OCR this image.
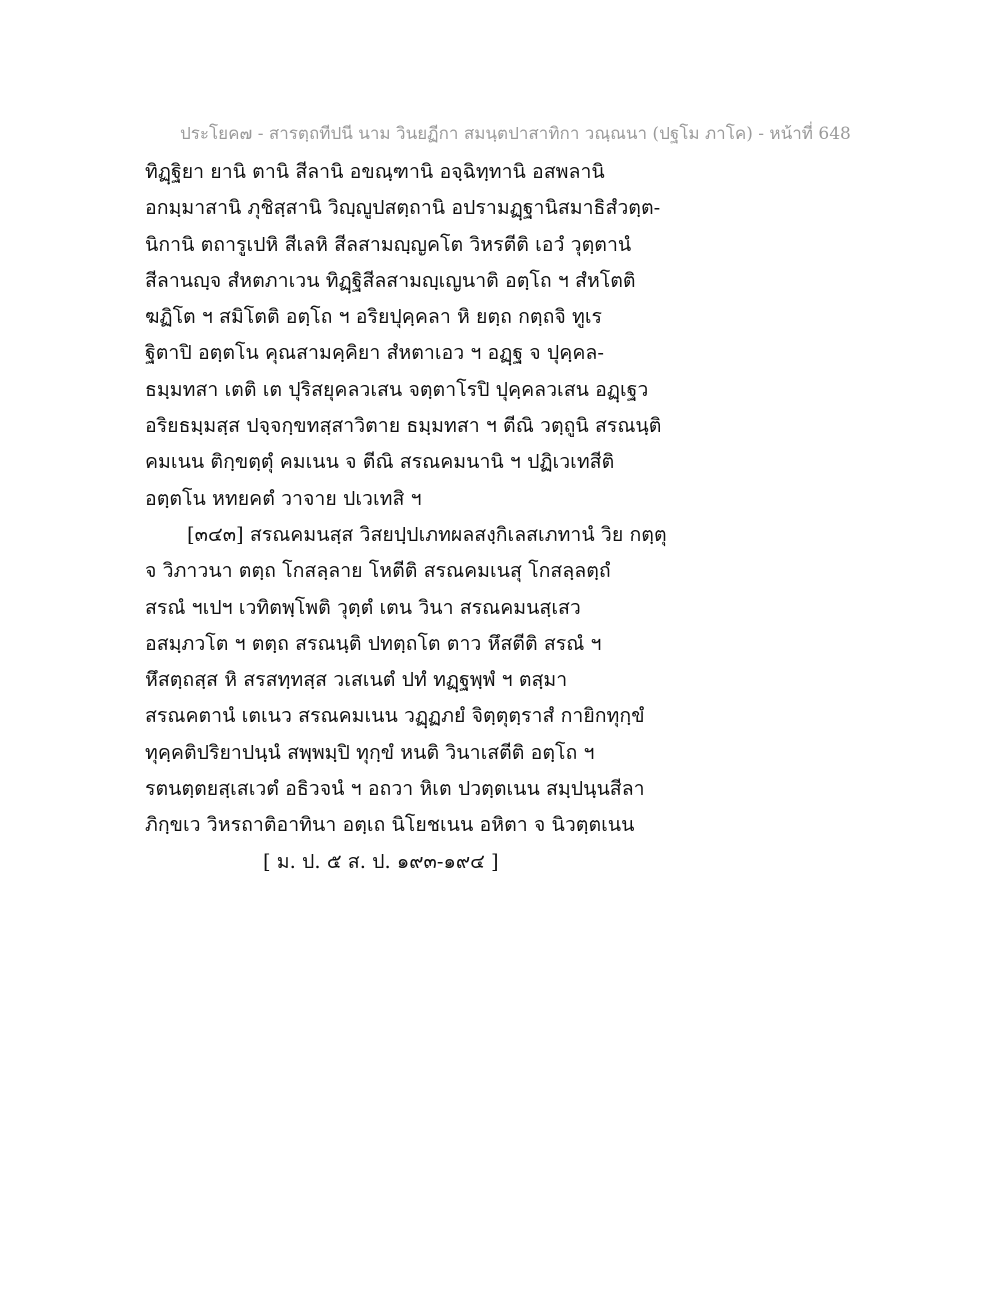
ประโยค๗ - สารตฺถทีปนี นาม วินยฏีกา สมนฺตปาสาทิกา วณฺณนา (ปฐโม ภาโค) - หน้าที่ 648
ทิฏฺฐิยา ยานิ ตานิ สีลานิ อขณฺฑานิ อจฺฉิทฺทานิ อสพลานิ
อกมฺมาสานิ ภุชิสฺสานิ วิญฺญูปสตฺถานิ อปรามฏฺฐานิสมาธิสํวตฺต-
นิกานิ ตถารูเปหิ สีเลหิ สีลสามญฺญคโต วิหรตีติ เอวํ วุตฺตานํ
สีลานญฺจ สํหตภาเวน ทิฏฺฐิสีลสามญฺเญนาติ อตฺโถ ฯ สํหโตติ
ฆฏิโต ฯ สมิโตติ อตฺโถ ฯ อริยปุคฺคลา หิ ยตฺถ กตฺถจิ ทูเร
ฐิตาปิ อตฺตโน คุณสามคฺคิยา สํหตาเอว ฯ อฏฺฐ จ ปุคฺคล-
ธมฺมทสา เตติ เต ปุริสยุคลวเสน จตฺตาโรปิ ปุคฺคลวเสน อฏฺเฐว
อริยธมฺมสฺส ปจฺจกฺขทสฺสาวิตาย ธมฺมทสา ฯ ตีณิ วตฺถูนิ สรณนฺติ
คมเนน ติกฺขตฺตุํ คมเนน จ ตีณิ สรณคมนานิ ฯ ปฏิเวเทสีติ
อตฺตโน หทยคตํ วาจาย ปเวเทสิ ฯ
[๓๔๓] สรณคมนสฺส วิสยปฺปเภทผลสงฺกิเลสเภทานํ วิย กตฺตุ
จ วิภาวนา ตตฺถ โกสลฺลาย โหตีติ สรณคมเนสุ โกสลฺลตฺถํ
สรณํ ฯเปฯ เวทิตพฺโพติ วุตฺตํ เตน วินา สรณคมนสฺเสว
อสมฺภวโต ฯ ตตฺถ สรณนฺติ ปทตฺถโต ตาว หึสตีติ สรณํ ฯ
หึสตฺถสฺส หิ สรสทฺทสฺส วเสเนตํ ปทํ ทฏฺฐพฺพํ ฯ ตสฺมา
สรณคตานํ เตเนว สรณคมเนน วฏฺฏภยํ จิตฺตุตฺราสํ กายิกทุกฺขํ
ทุคฺคติปริยาปนฺนํ สพฺพมฺปิ ทุกฺขํ หนติ วินาเสตีติ อตฺโถ ฯ
รตนตฺตยสฺเสเวตํ อธิวจนํ ฯ อถวา หิเต ปวตฺตเนน สมฺปนฺนสีลา
ภิกฺขเว วิหรถาติอาทินา อตฺเถ นิโยชเนน อหิตา จ นิวตฺตเนน
[ ม. ป. ๕ ส. ป. ๑๙๓-๑๙๔ ]
